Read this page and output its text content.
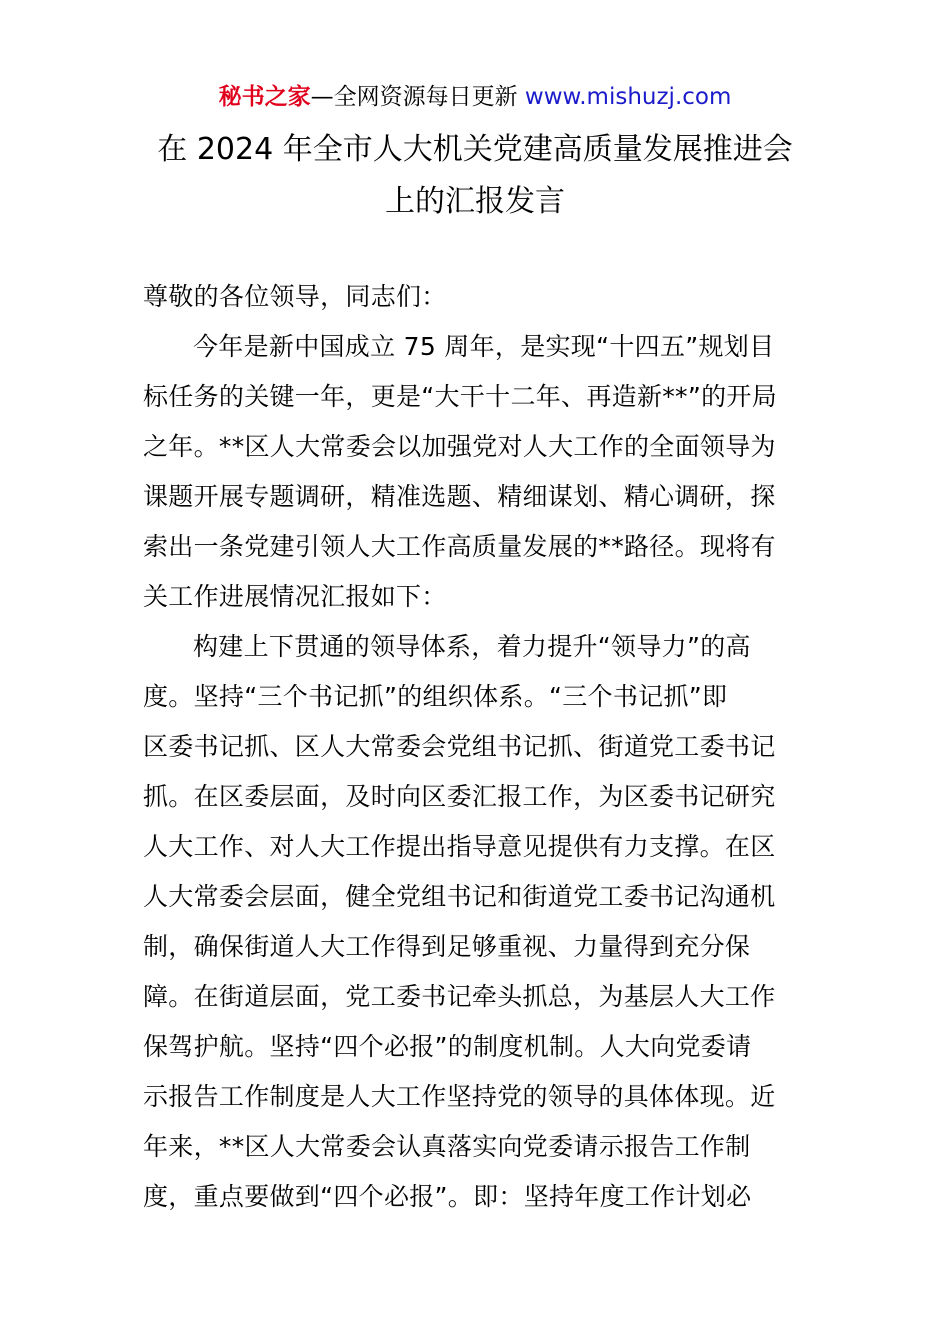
秘书之家—全网资源每日更新 www.mishuzj.com
在 2024 年全市人大机关党建高质量发展推进会
上的汇报发言
尊敬的各位领导，同志们：
今年是新中国成立 75 周年，是实现“十四五”规划目
标任务的关键一年，更是“大干十二年、再造新**”的开局
之年。**区人大常委会以加强党对人大工作的全面领导为
课题开展专题调研，精准选题、精细谋划、精心调研，探
索出一条党建引领人大工作高质量发展的**路径。现将有
关工作进展情况汇报如下：
构建上下贯通的领导体系，着力提升“领导力”的高
度。坚持“三个书记抓”的组织体系。“三个书记抓”即
区委书记抓、区人大常委会党组书记抓、街道党工委书记
抓。在区委层面，及时向区委汇报工作，为区委书记研究
人大工作、对人大工作提出指导意见提供有力支撑。在区
人大常委会层面，健全党组书记和街道党工委书记沟通机
制，确保街道人大工作得到足够重视、力量得到充分保
障。在街道层面，党工委书记牵头抓总，为基层人大工作
保驾护航。坚持“四个必报”的制度机制。人大向党委请
示报告工作制度是人大工作坚持党的领导的具体体现。近
年来，**区人大常委会认真落实向党委请示报告工作制
度，重点要做到“四个必报”。即：坚持年度工作计划必
